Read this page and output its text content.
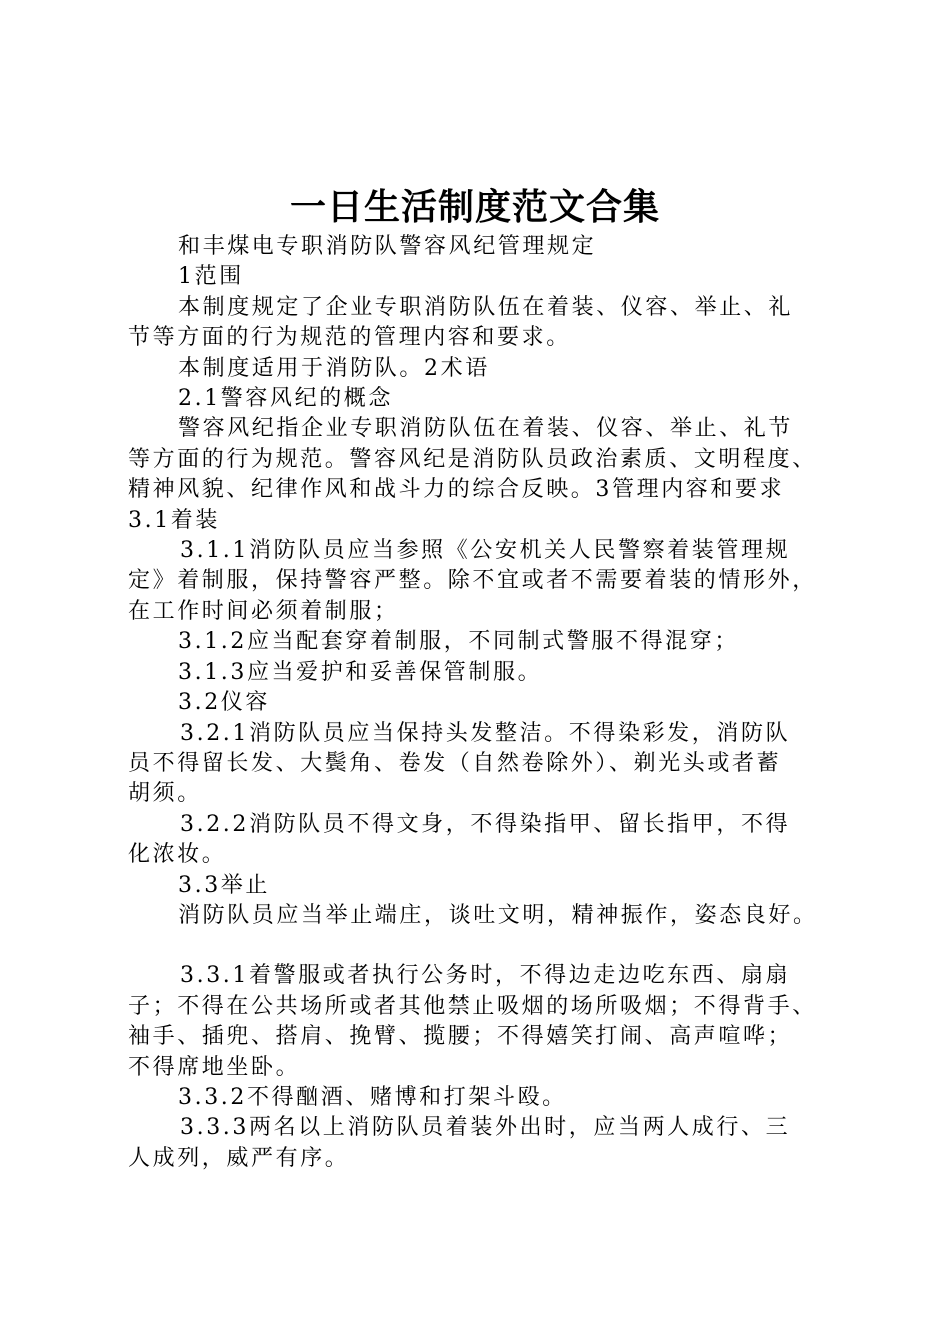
一日生活制度范文合集

和丰煤电专职消防队警容风纪管理规定

1范围

本制度规定了企业专职消防队伍在着装、仪容、举止、礼

节等方面的行为规范的管理内容和要求。

本制度适用于消防队。2术语

2.1警容风纪的概念

警容风纪指企业专职消防队伍在着装、仪容、举止、礼节

等方面的行为规范。警容风纪是消防队员政治素质、文明程度、

精神风貌、纪律作风和战斗力的综合反映。3管理内容和要求

3.1着装

3.1.1消防队员应当参照《公安机关人民警察着装管理规

定》着制服，保持警容严整。除不宜或者不需要着装的情形外，

在工作时间必须着制服；

3.1.2应当配套穿着制服，不同制式警服不得混穿；

3.1.3应当爱护和妥善保管制服。

3.2仪容

3.2.1消防队员应当保持头发整洁。不得染彩发，消防队

员不得留长发、大鬓角、卷发（自然卷除外）、剃光头或者蓄

胡须。

3.2.2消防队员不得文身，不得染指甲、留长指甲，不得

化浓妆。

3.3举止

消防队员应当举止端庄，谈吐文明，精神振作，姿态良好。

3.3.1着警服或者执行公务时，不得边走边吃东西、扇扇

子；不得在公共场所或者其他禁止吸烟的场所吸烟；不得背手、

袖手、插兜、搭肩、挽臂、揽腰；不得嬉笑打闹、高声喧哗；

不得席地坐卧。

3.3.2不得酗酒、赌博和打架斗殴。

3.3.3两名以上消防队员着装外出时，应当两人成行、三

人成列，威严有序。
